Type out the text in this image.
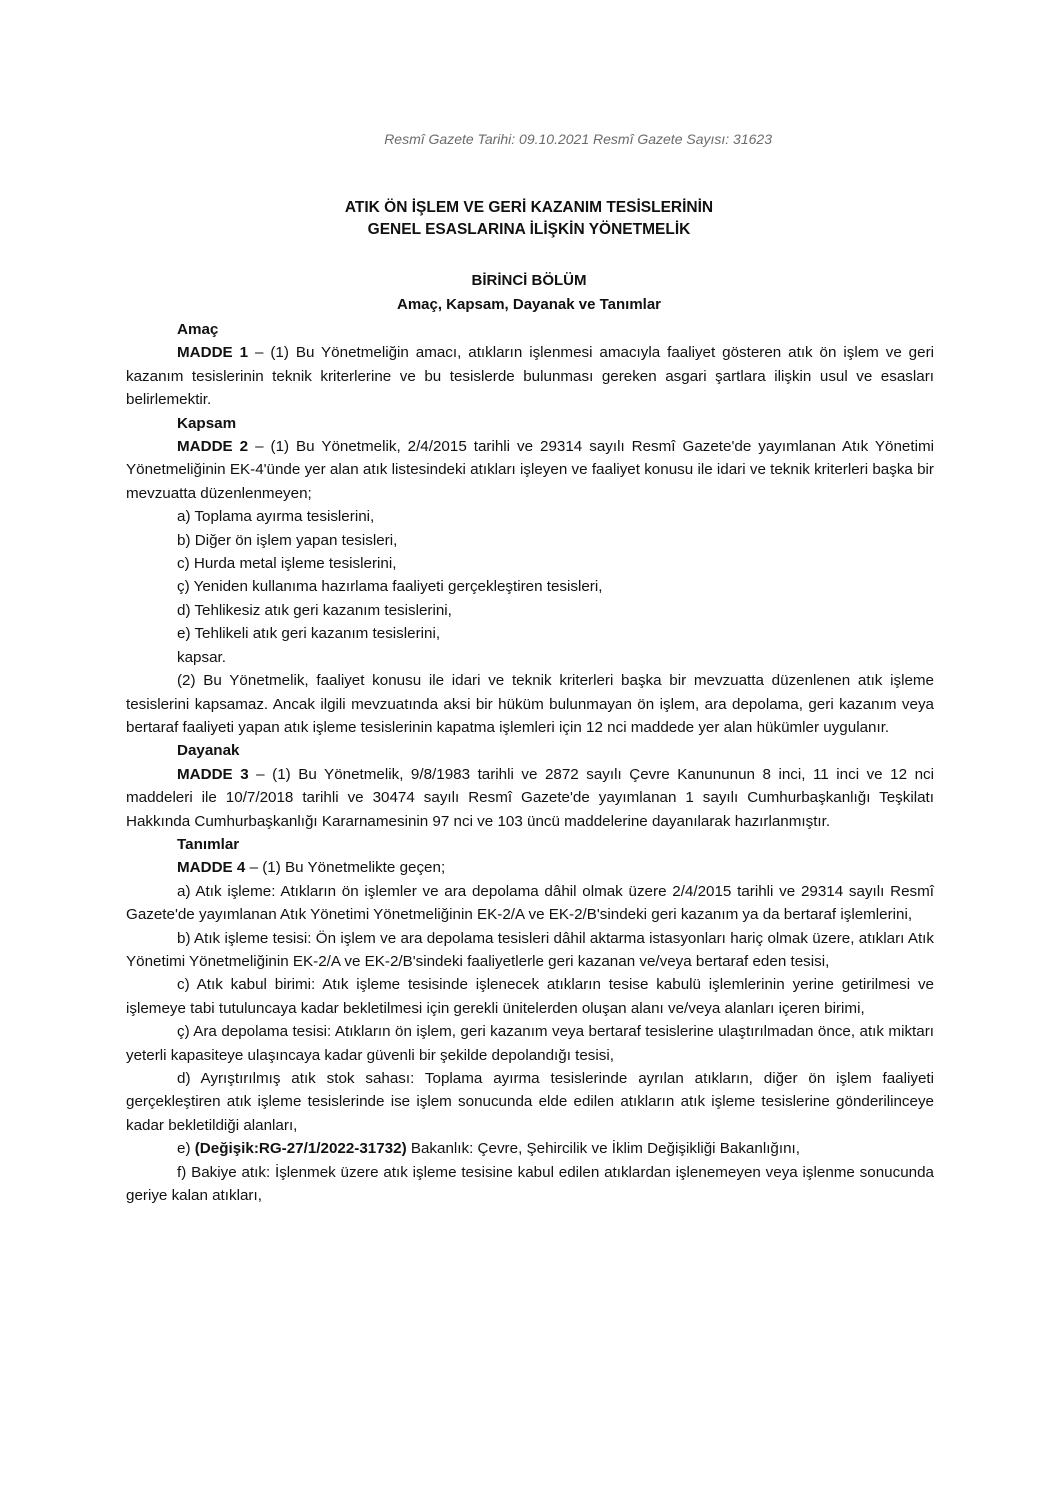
Resmî Gazete Tarihi: 09.10.2021 Resmî Gazete Sayısı: 31623
ATIK ÖN İŞLEM VE GERİ KAZANIM TESİSLERİNİN
GENEL ESASLARINA İLİŞKİN YÖNETMELİK
BİRİNCİ BÖLÜM
Amaç, Kapsam, Dayanak ve Tanımlar

Amaç

MADDE 1 – (1) Bu Yönetmeliğin amacı, atıkların işlenmesi amacıyla faaliyet gösteren atık ön işlem ve geri kazanım tesislerinin teknik kriterlerine ve bu tesislerde bulunması gereken asgari şartlara ilişkin usul ve esasları belirlemektir.

Kapsam

MADDE 2 – (1) Bu Yönetmelik, 2/4/2015 tarihli ve 29314 sayılı Resmî Gazete'de yayımlanan Atık Yönetimi Yönetmeliğinin EK-4'ünde yer alan atık listesindeki atıkları işleyen ve faaliyet konusu ile idari ve teknik kriterleri başka bir mevzuatta düzenlenmeyen;

a) Toplama ayırma tesislerini,

b) Diğer ön işlem yapan tesisleri,

c) Hurda metal işleme tesislerini,

ç) Yeniden kullanıma hazırlama faaliyeti gerçekleştiren tesisleri,

d) Tehlikesiz atık geri kazanım tesislerini,

e) Tehlikeli atık geri kazanım tesislerini,

kapsar.

(2) Bu Yönetmelik, faaliyet konusu ile idari ve teknik kriterleri başka bir mevzuatta düzenlenen atık işleme tesislerini kapsamaz. Ancak ilgili mevzuatında aksi bir hüküm bulunmayan ön işlem, ara depolama, geri kazanım veya bertaraf faaliyeti yapan atık işleme tesislerinin kapatma işlemleri için 12 nci maddede yer alan hükümler uygulanır.

Dayanak

MADDE 3 – (1) Bu Yönetmelik, 9/8/1983 tarihli ve 2872 sayılı Çevre Kanununun 8 inci, 11 inci ve 12 nci maddeleri ile 10/7/2018 tarihli ve 30474 sayılı Resmî Gazete'de yayımlanan 1 sayılı Cumhurbaşkanlığı Teşkilatı Hakkında Cumhurbaşkanlığı Kararnamesinin 97 nci ve 103 üncü maddelerine dayanılarak hazırlanmıştır.

Tanımlar

MADDE 4 – (1) Bu Yönetmelikte geçen;

a) Atık işleme: Atıkların ön işlemler ve ara depolama dâhil olmak üzere 2/4/2015 tarihli ve 29314 sayılı Resmî Gazete'de yayımlanan Atık Yönetimi Yönetmeliğinin EK-2/A ve EK-2/B'sindeki geri kazanım ya da bertaraf işlemlerini,

b) Atık işleme tesisi: Ön işlem ve ara depolama tesisleri dâhil aktarma istasyonları hariç olmak üzere, atıkları Atık Yönetimi Yönetmeliğinin EK-2/A ve EK-2/B'sindeki faaliyetlerle geri kazanan ve/veya bertaraf eden tesisi,

c) Atık kabul birimi: Atık işleme tesisinde işlenecek atıkların tesise kabulü işlemlerinin yerine getirilmesi ve işlemeye tabi tutuluncaya kadar bekletilmesi için gerekli ünitelerden oluşan alanı ve/veya alanları içeren birimi,

ç) Ara depolama tesisi: Atıkların ön işlem, geri kazanım veya bertaraf tesislerine ulaştırılmadan önce, atık miktarı yeterli kapasiteye ulaşıncaya kadar güvenli bir şekilde depolandığı tesisi,

d) Ayrıştırılmış atık stok sahası: Toplama ayırma tesislerinde ayrılan atıkların, diğer ön işlem faaliyeti gerçekleştiren atık işleme tesislerinde ise işlem sonucunda elde edilen atıkların atık işleme tesislerine gönderilinceye kadar bekletildiği alanları,

e) (Değişik:RG-27/1/2022-31732) Bakanlık: Çevre, Şehircilik ve İklim Değişikliği Bakanlığını,

f) Bakiye atık: İşlenmek üzere atık işleme tesisine kabul edilen atıklardan işlenemeyen veya işlenme sonucunda geriye kalan atıkları,
